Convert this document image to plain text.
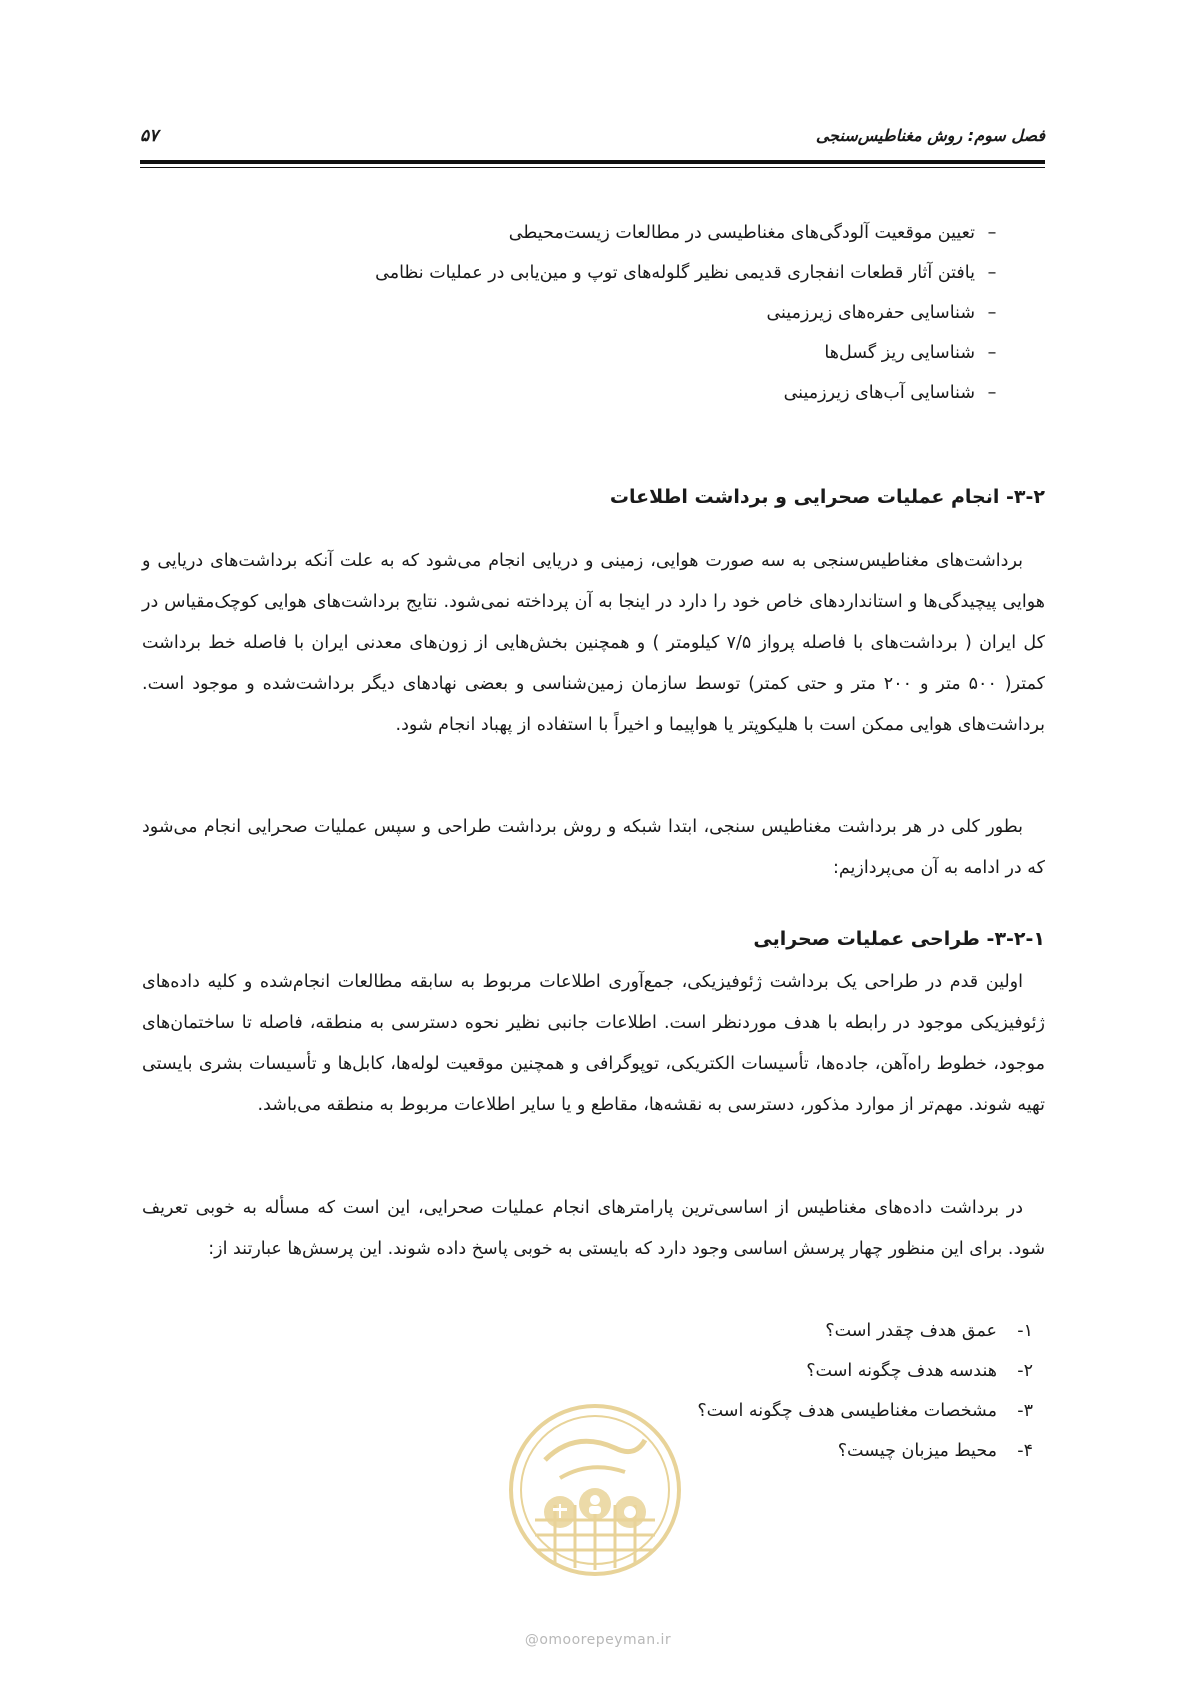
فصل سوم: روش مغناطیس‌سنجی
۵۷
–تعیین موقعیت آلودگی‌های مغناطیسی در مطالعات زیست‌محیطی
–یافتن آثار قطعات انفجاری قدیمی نظیر گلوله‌های توپ و مین‌یابی در عملیات نظامی
–شناسایی حفره‌های زیرزمینی
–شناسایی ریز گسل‌ها
–شناسایی آب‌های زیرزمینی
۳-۲- انجام عملیات صحرایی و برداشت اطلاعات

برداشت‌های مغناطیس‌سنجی به سه صورت هوایی، زمینی و دریایی انجام می‌شود که به علت آنکه برداشت‌های دریایی و هوایی پیچیدگی‌ها و استانداردهای خاص خود را دارد در اینجا به آن پرداخته نمی‌شود. نتایج برداشت‌های هوایی کوچک‌مقیاس در کل ایران ( برداشت‌های با فاصله پرواز ۷/۵ کیلومتر ) و همچنین بخش‌هایی از زون‌های معدنی ایران با فاصله خط برداشت کمتر( ۵۰۰ متر و ۲۰۰ متر و حتی کمتر) توسط سازمان زمین‌شناسی و بعضی نهادهای دیگر برداشت‌شده و موجود است. برداشت‌های هوایی ممکن است با هلیکوپتر یا هواپیما و اخیراً با استفاده از پهباد انجام شود.

بطور کلی در هر برداشت مغناطیس سنجی، ابتدا شبکه و روش برداشت طراحی و سپس عملیات صحرایی انجام می‌شود که در ادامه به آن می‌پردازیم:

۳-۲-۱- طراحی عملیات صحرایی

اولین قدم در طراحی یک برداشت ژئوفیزیکی، جمع‌آوری اطلاعات مربوط به سابقه مطالعات انجام‌شده و کلیه داده‌های ژئوفیزیکی موجود در رابطه با هدف موردنظر است. اطلاعات جانبی نظیر نحوه دسترسی به منطقه، فاصله تا ساختمان‌های موجود، خطوط راه‌آهن، جاده‌ها، تأسیسات الکتریکی، توپوگرافی و همچنین موقعیت لوله‌ها، کابل‌ها و تأسیسات بشری بایستی تهیه شوند. مهم‌تر از موارد مذکور، دسترسی به نقشه‌ها، مقاطع و یا سایر اطلاعات مربوط به منطقه می‌باشد.

در برداشت داده‌های مغناطیس از اساسی‌ترین پارامترهای انجام عملیات صحرایی، این است که مسأله به خوبی تعریف شود. برای این منظور چهار پرسش اساسی وجود دارد که بایستی به خوبی پاسخ داده شوند. این پرسش‌ها عبارتند از:

۱-عمق هدف چقدر است؟
۲-هندسه هدف چگونه است؟
۳-مشخصات مغناطیسی هدف چگونه است؟
۴-محیط میزبان چیست؟
@omoorepeyman.ir
